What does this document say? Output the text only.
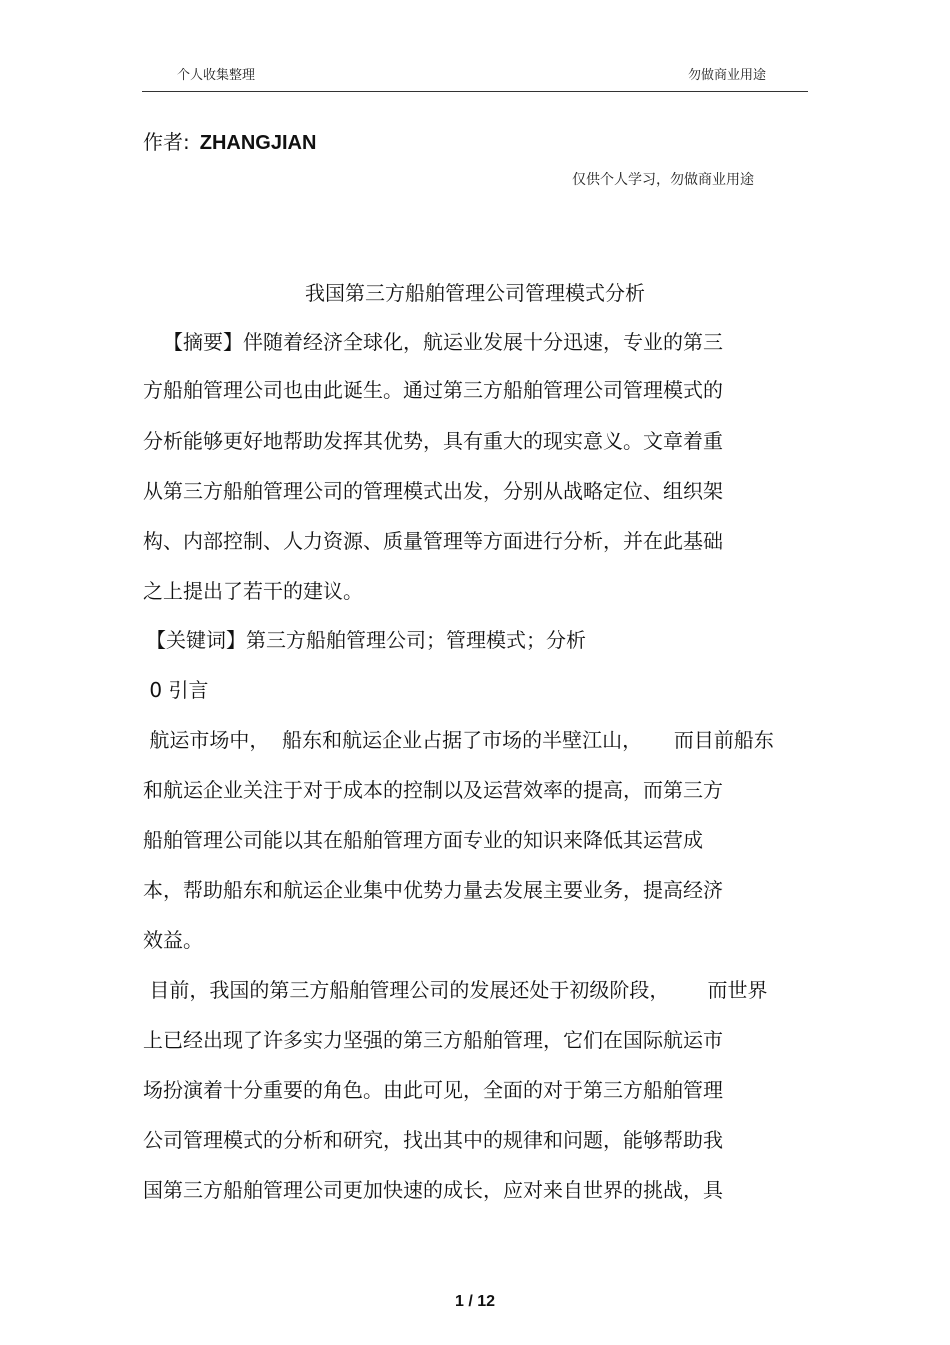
个人收集整理	勿做商业用途
作者: ZHANGJIAN
仅供个人学习，勿做商业用途
我国第三方船舶管理公司管理模式分析
【摘要】伴随着经济全球化，航运业发展十分迅速，专业的第三
方船舶管理公司也由此诞生。通过第三方船舶管理公司管理模式的
分析能够更好地帮助发挥其优势，具有重大的现实意义。文章着重
从第三方船舶管理公司的管理模式出发，分别从战略定位、组织架
构、内部控制、人力资源、质量管理等方面进行分析，并在此基础
之上提出了若干的建议。
【关键词】第三方船舶管理公司；管理模式；分析
0 引言
航运市场中，  船东和航运企业占据了市场的半壁江山，     而目前船东
和航运企业关注于对于成本的控制以及运营效率的提高，而第三方
船舶管理公司能以其在船舶管理方面专业的知识来降低其运营成
本，帮助船东和航运企业集中优势力量去发展主要业务，提高经济
效益。
目前，我国的第三方船舶管理公司的发展还处于初级阶段，      而世界
上已经出现了许多实力坚强的第三方船舶管理，它们在国际航运市
场扮演着十分重要的角色。由此可见，全面的对于第三方船舶管理
公司管理模式的分析和研究，找出其中的规律和问题，能够帮助我
国第三方船舶管理公司更加快速的成长，应对来自世界的挑战，具
1 / 12
